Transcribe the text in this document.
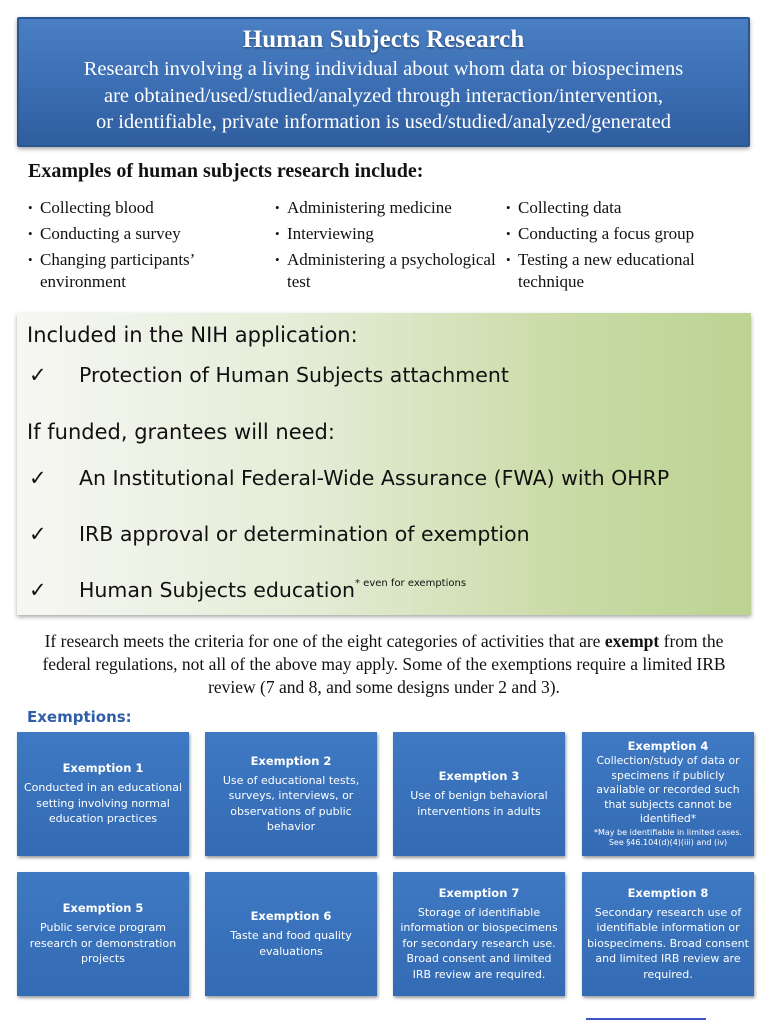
Human Subjects Research
Research involving a living individual about whom data or biospecimens
are obtained/used/studied/analyzed through interaction/intervention,
or identifiable, private information is used/studied/analyzed/generated
Examples of human subjects research include:
• Collecting blood
• Conducting a survey
• Changing participants’ environment
• Administering medicine
• Interviewing
• Administering a psychological test
• Collecting data
• Conducting a focus group
• Testing a new educational technique
Included in the NIH application:
✓ Protection of Human Subjects attachment
If funded, grantees will need:
✓ An Institutional Federal-Wide Assurance (FWA) with OHRP
✓ IRB approval or determination of exemption
✓ Human Subjects education$^{* even for exemptions}$
If research meets the criteria for one of the eight categories of activities that are exempt from the federal regulations, not all of the above may apply. Some of the exemptions require a limited IRB review (7 and 8, and some designs under 2 and 3).
Exemptions:
Exemption 1
Conducted in an educational setting involving normal education practices
Exemption 2
Use of educational tests, surveys, interviews, or observations of public behavior
Exemption 3
Use of benign behavioral interventions in adults
Exemption 4
Collection/study of data or specimens if publicly available or recorded such that subjects cannot be identified*
*May be identifiable in limited cases. See §46.104(d)(4)(iii) and (iv)
Exemption 5
Public service program research or demonstration projects
Exemption 6
Taste and food quality evaluations
Exemption 7
Storage of identifiable information or biospecimens for secondary research use. Broad consent and limited IRB review are required.
Exemption 8
Secondary research use of identifiable information or biospecimens. Broad consent and limited IRB review are required.
